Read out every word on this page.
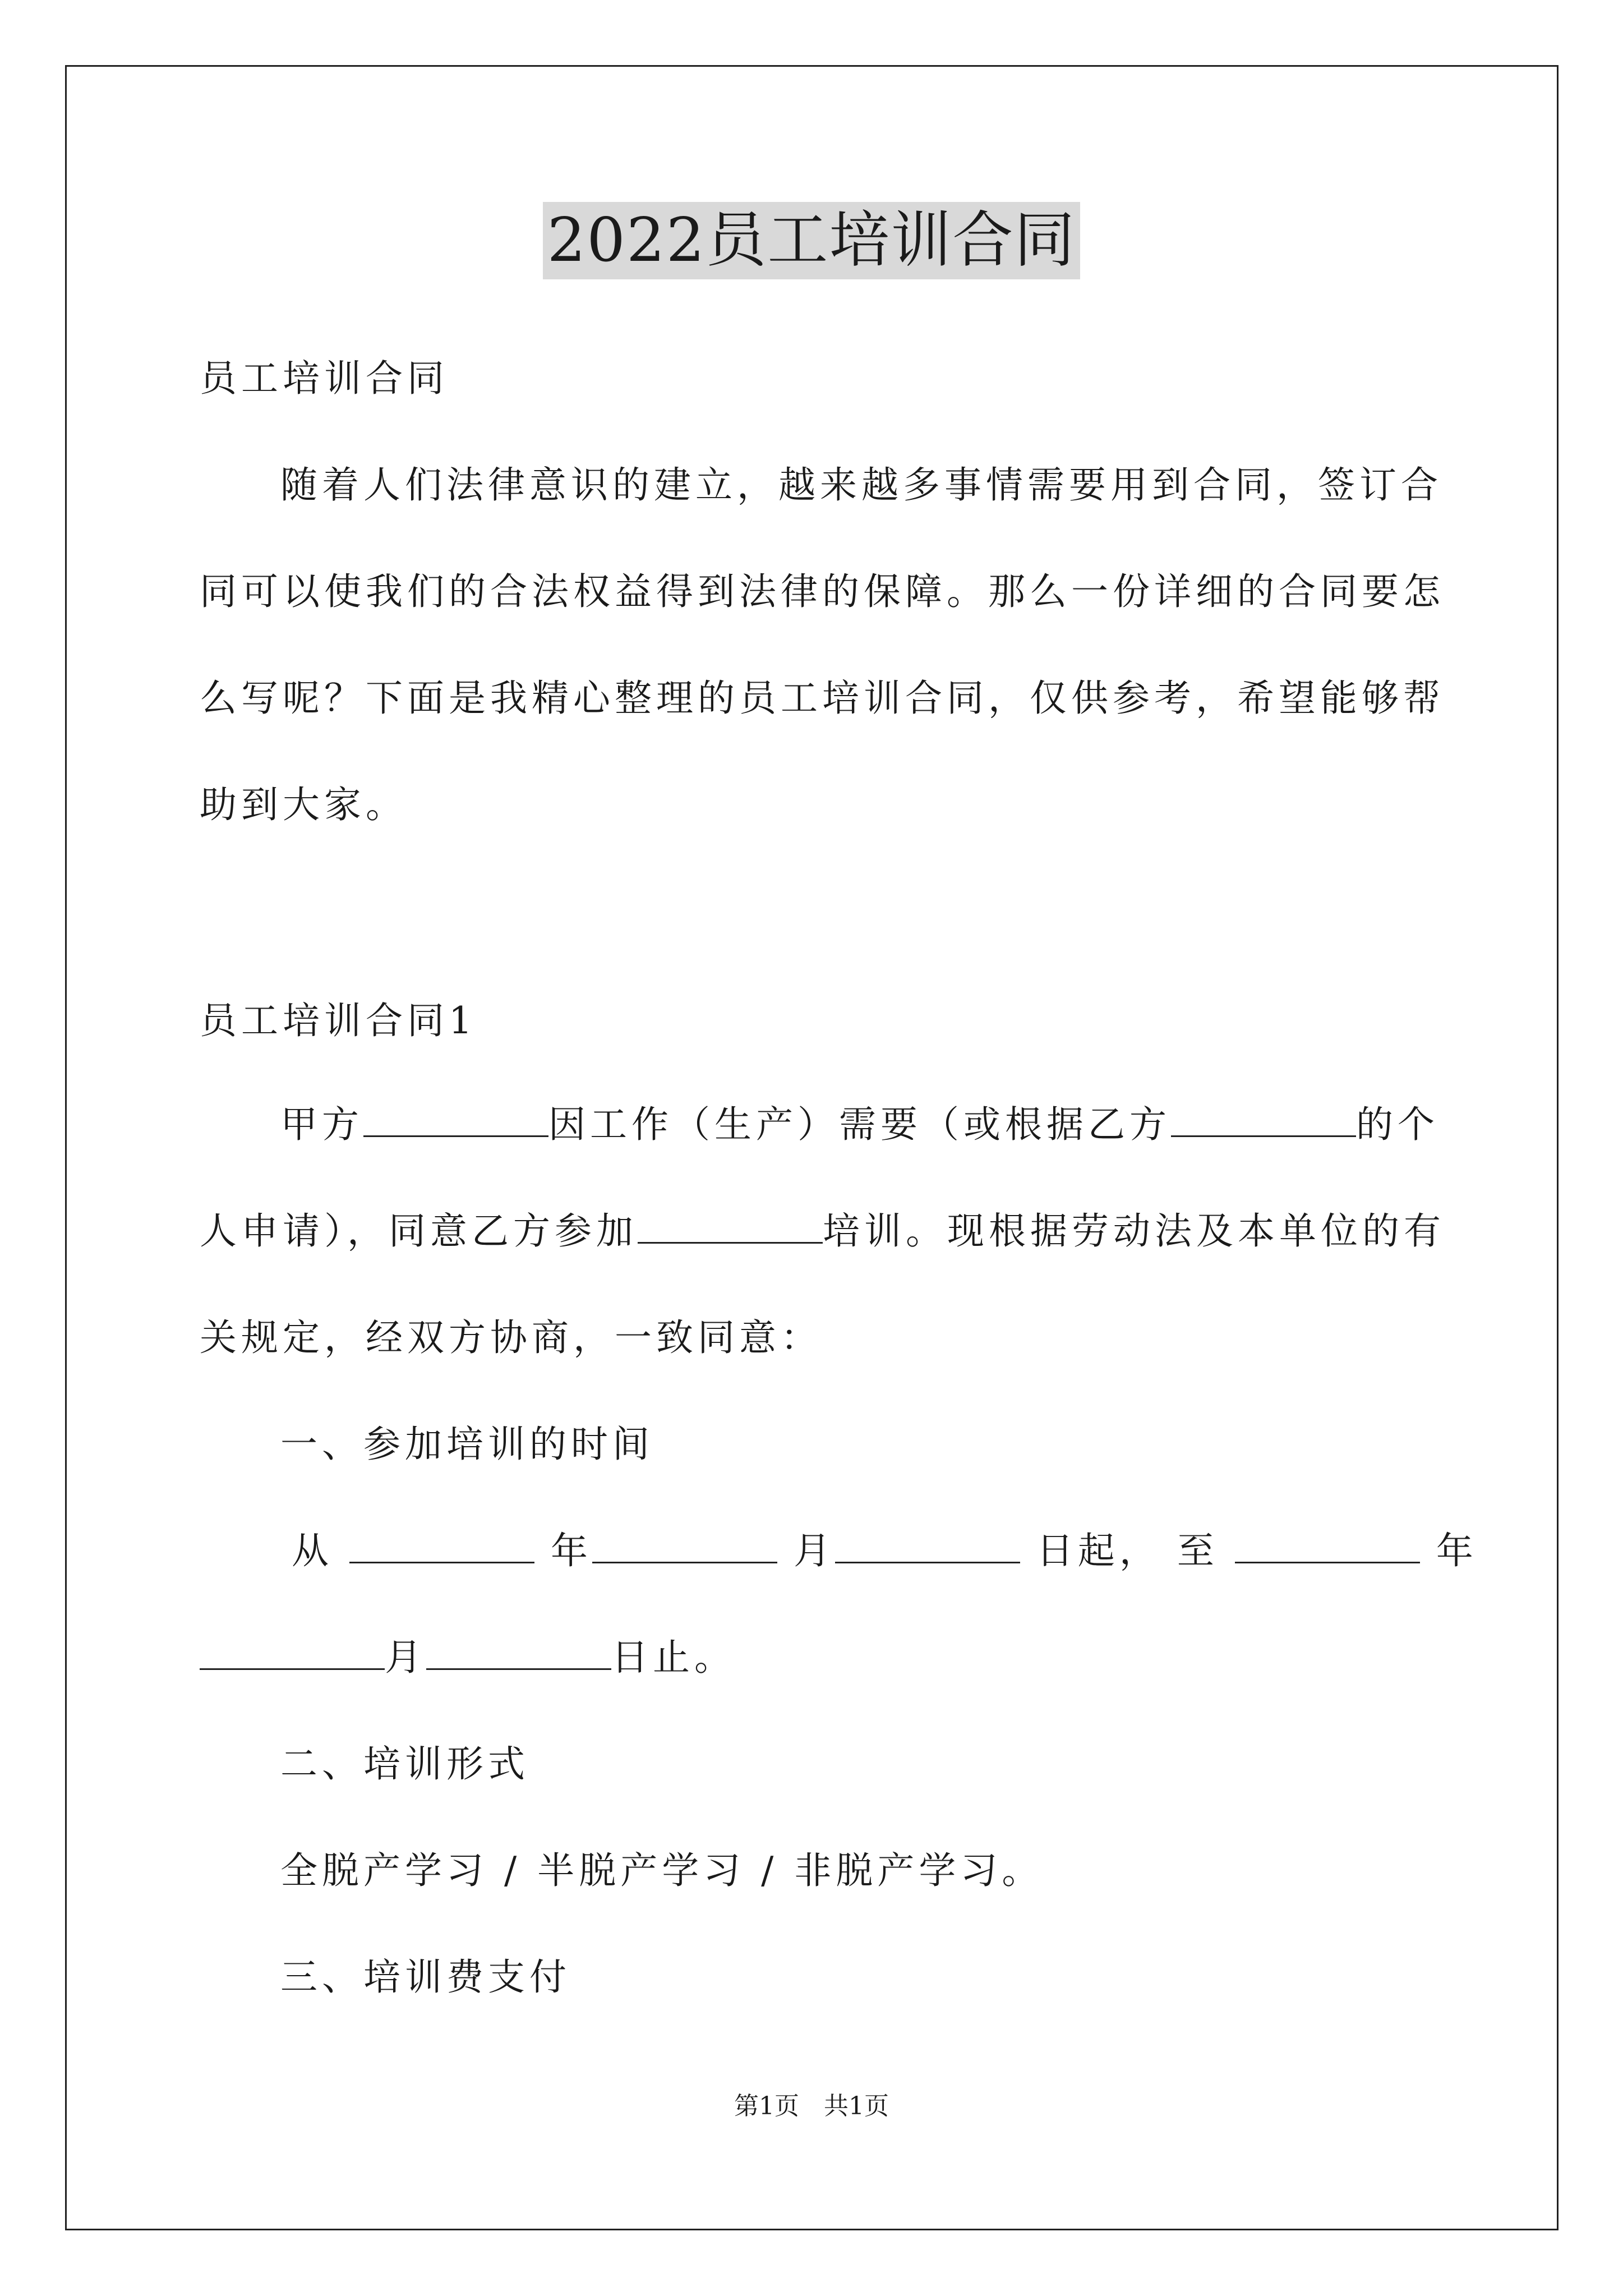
2022员工培训合同
员工培训合同
随着人们法律意识的建立，越来越多事情需要用到合同，签订合
同可以使我们的合法权益得到法律的保障。那么一份详细的合同要怎
么写呢？下面是我精心整理的员工培训合同，仅供参考，希望能够帮
助到大家。
员工培训合同1
甲方	因工作（生产）需要（或根据乙方	的个
人申请），同意乙方参加	培训。现根据劳动法及本单位的有
关规定，经双方协商，一致同意：
一、参加培训的时间
从	年	月	日起， 至	年
月	日止。
二、培训形式
全脱产学习 / 半脱产学习 / 非脱产学习。
三、培训费支付
第1页　共1页
